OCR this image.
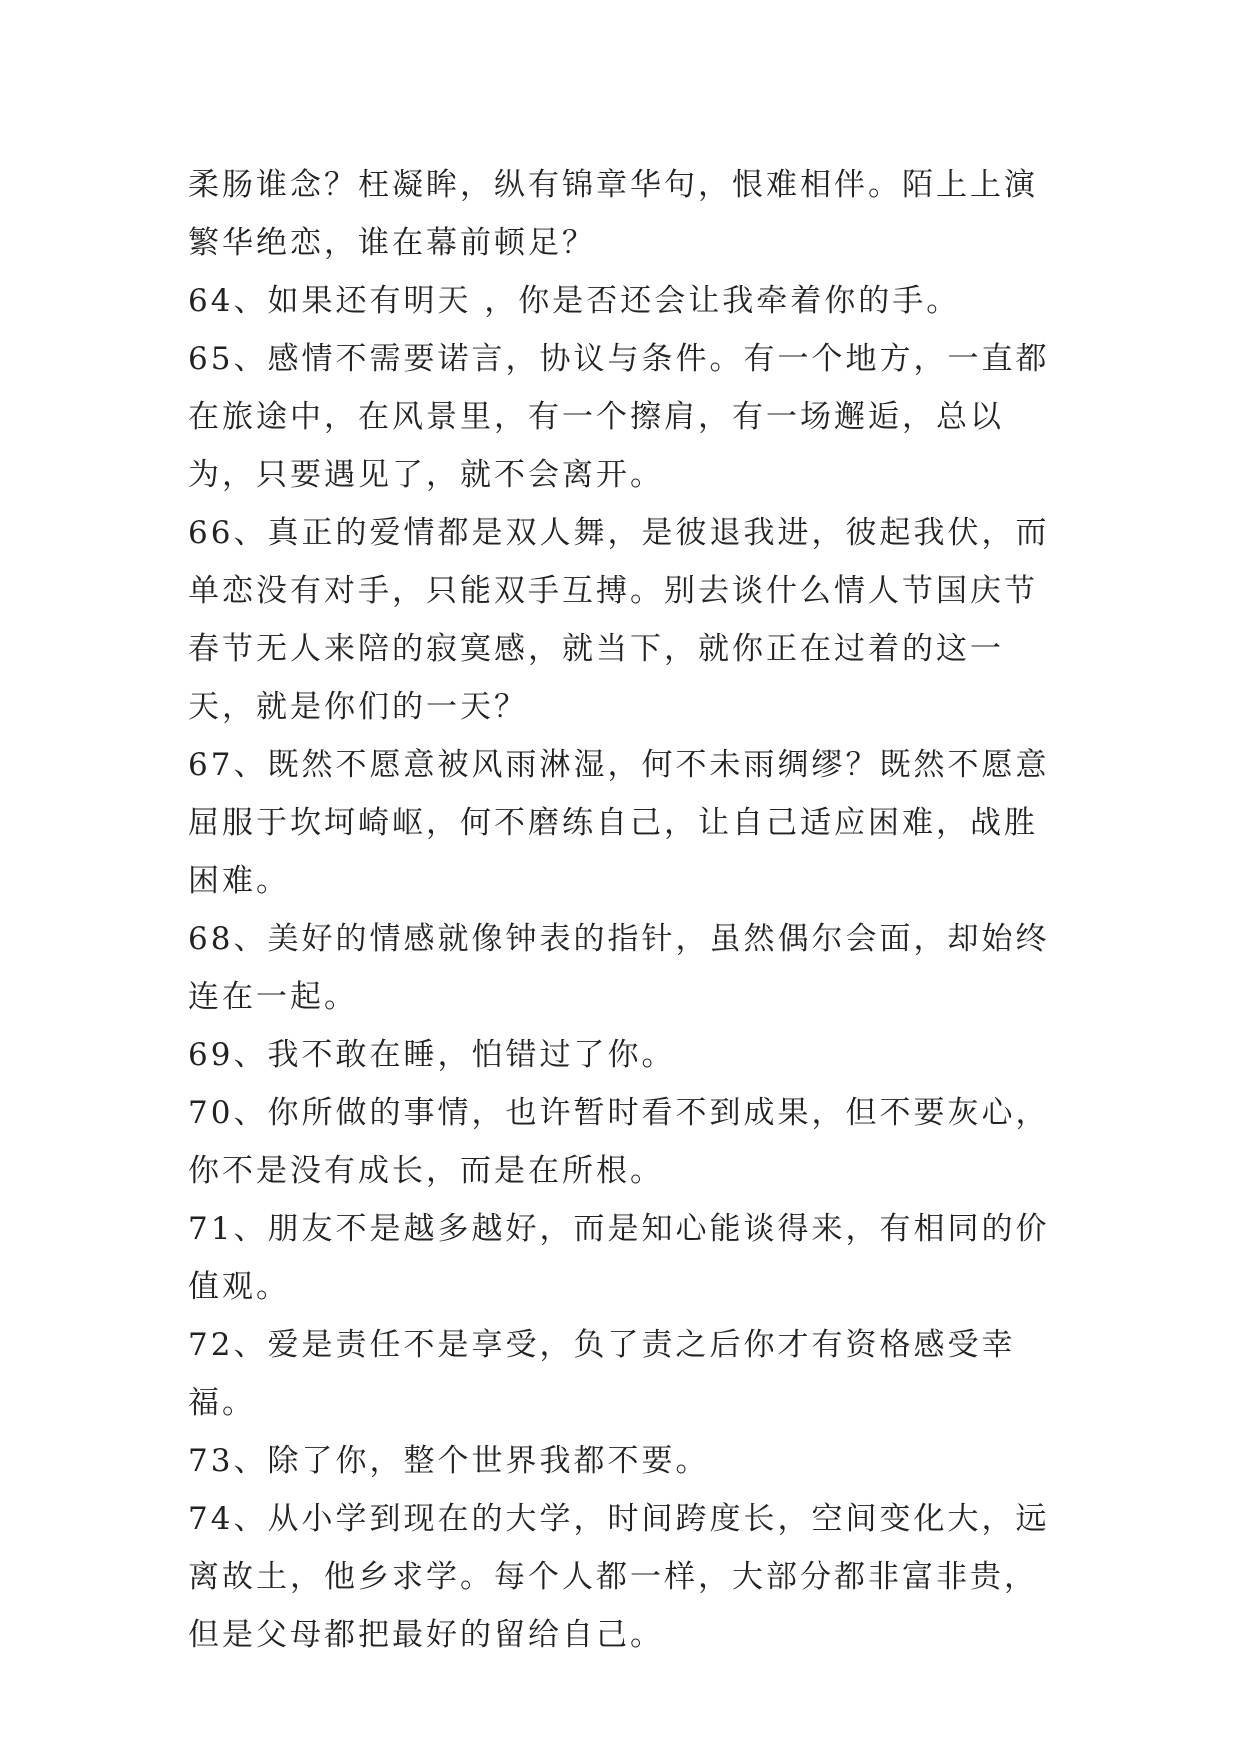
柔肠谁念？枉凝眸，纵有锦章华句，恨难相伴。陌上上演繁华绝恋，谁在幕前顿足？

64、如果还有明天 ，你是否还会让我牵着你的手。

65、感情不需要诺言，协议与条件。有一个地方，一直都在旅途中，在风景里，有一个擦肩，有一场邂逅，总以为，只要遇见了，就不会离开。

66、真正的爱情都是双人舞，是彼退我进，彼起我伏，而单恋没有对手，只能双手互搏。别去谈什么情人节国庆节春节无人来陪的寂寞感，就当下，就你正在过着的这一天，就是你们的一天？

67、既然不愿意被风雨淋湿，何不未雨绸缪？既然不愿意屈服于坎坷崎岖，何不磨练自己，让自己适应困难，战胜困难。

68、美好的情感就像钟表的指针，虽然偶尔会面，却始终连在一起。

69、我不敢在睡，怕错过了你。

70、你所做的事情，也许暂时看不到成果，但不要灰心，你不是没有成长，而是在所根。

71、朋友不是越多越好，而是知心能谈得来，有相同的价值观。

72、爱是责任不是享受，负了责之后你才有资格感受幸福。

73、除了你，整个世界我都不要。

74、从小学到现在的大学，时间跨度长，空间变化大，远离故土，他乡求学。每个人都一样，大部分都非富非贵，但是父母都把最好的留给自己。
